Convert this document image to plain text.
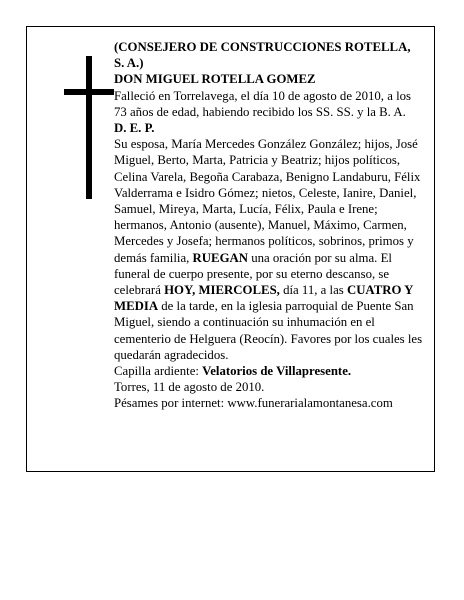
(CONSEJERO DE CONSTRUCCIONES ROTELLA, S. A.)

DON MIGUEL ROTELLA GOMEZ

Falleció en Torrelavega, el día 10 de agosto de 2010, a los 73 años de edad, habiendo recibido los SS. SS. y la B. A.

D. E. P.

Su esposa, María Mercedes González González; hijos, José Miguel, Berto, Marta, Patricia y Beatriz; hijos políticos, Celina Varela, Begoña Carabaza, Benigno Landaburu, Félix Valderrama e Isidro Gómez; nietos, Celeste, Ianire, Daniel, Samuel, Mireya, Marta, Lucía, Félix, Paula e Irene; hermanos, Antonio (ausente), Manuel, Máximo, Carmen, Mercedes y Josefa; hermanos políticos, sobrinos, primos y demás familia, RUEGAN una oración por su alma. El funeral de cuerpo presente, por su eterno descanso, se celebrará HOY, MIERCOLES, día 11, a las CUATRO Y MEDIA de la tarde, en la iglesia parroquial de Puente San Miguel, siendo a continuación su inhumación en el cementerio de Helguera (Reocín). Favores por los cuales les quedarán agradecidos.

Capilla ardiente: Velatorios de Villapresente.

Torres, 11 de agosto de 2010.

Pésames por internet: www.funerarialamontanesa.com
